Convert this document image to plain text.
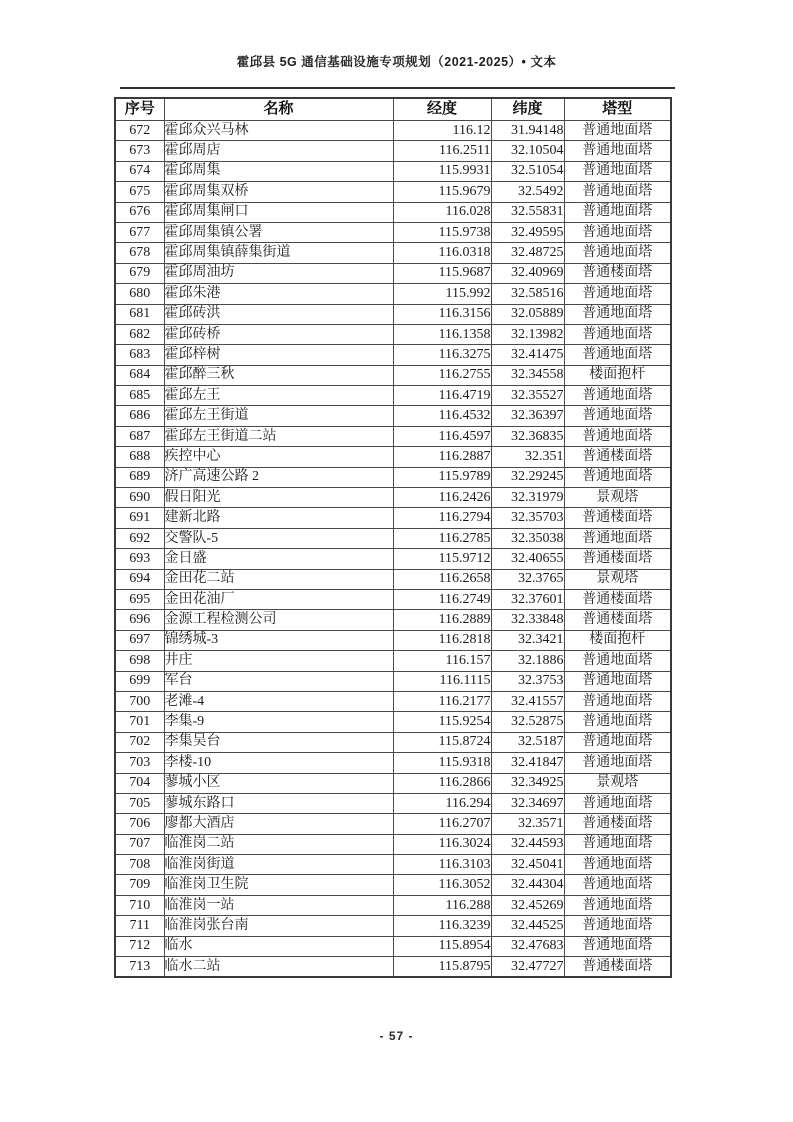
霍邱县 5G 通信基础设施专项规划（2021-2025）• 文本
序号	名称	经度	纬度	塔型
672	霍邱众兴马林	116.12	31.94148	普通地面塔
673	霍邱周店	116.2511	32.10504	普通地面塔
674	霍邱周集	115.9931	32.51054	普通地面塔
675	霍邱周集双桥	115.9679	32.5492	普通地面塔
676	霍邱周集闸口	116.028	32.55831	普通地面塔
677	霍邱周集镇公署	115.9738	32.49595	普通地面塔
678	霍邱周集镇薛集街道	116.0318	32.48725	普通地面塔
679	霍邱周油坊	115.9687	32.40969	普通楼面塔
680	霍邱朱港	115.992	32.58516	普通地面塔
681	霍邱砖洪	116.3156	32.05889	普通地面塔
682	霍邱砖桥	116.1358	32.13982	普通地面塔
683	霍邱梓树	116.3275	32.41475	普通地面塔
684	霍邱醉三秋	116.2755	32.34558	楼面抱杆
685	霍邱左王	116.4719	32.35527	普通地面塔
686	霍邱左王街道	116.4532	32.36397	普通地面塔
687	霍邱左王街道二站	116.4597	32.36835	普通地面塔
688	疾控中心	116.2887	32.351	普通楼面塔
689	济广高速公路 2	115.9789	32.29245	普通地面塔
690	假日阳光	116.2426	32.31979	景观塔
691	建新北路	116.2794	32.35703	普通楼面塔
692	交警队-5	116.2785	32.35038	普通地面塔
693	金日盛	115.9712	32.40655	普通楼面塔
694	金田花二站	116.2658	32.3765	景观塔
695	金田花油厂	116.2749	32.37601	普通楼面塔
696	金源工程检测公司	116.2889	32.33848	普通楼面塔
697	锦绣城-3	116.2818	32.3421	楼面抱杆
698	井庄	116.157	32.1886	普通地面塔
699	军台	116.1115	32.3753	普通地面塔
700	老滩-4	116.2177	32.41557	普通地面塔
701	李集-9	115.9254	32.52875	普通地面塔
702	李集吴台	115.8724	32.5187	普通地面塔
703	李楼-10	115.9318	32.41847	普通地面塔
704	蓼城小区	116.2866	32.34925	景观塔
705	蓼城东路口	116.294	32.34697	普通地面塔
706	廖都大酒店	116.2707	32.3571	普通楼面塔
707	临淮岗二站	116.3024	32.44593	普通地面塔
708	临淮岗街道	116.3103	32.45041	普通地面塔
709	临淮岗卫生院	116.3052	32.44304	普通地面塔
710	临淮岗一站	116.288	32.45269	普通地面塔
711	临淮岗张台南	116.3239	32.44525	普通地面塔
712	临水	115.8954	32.47683	普通地面塔
713	临水二站	115.8795	32.47727	普通楼面塔
- 57 -
